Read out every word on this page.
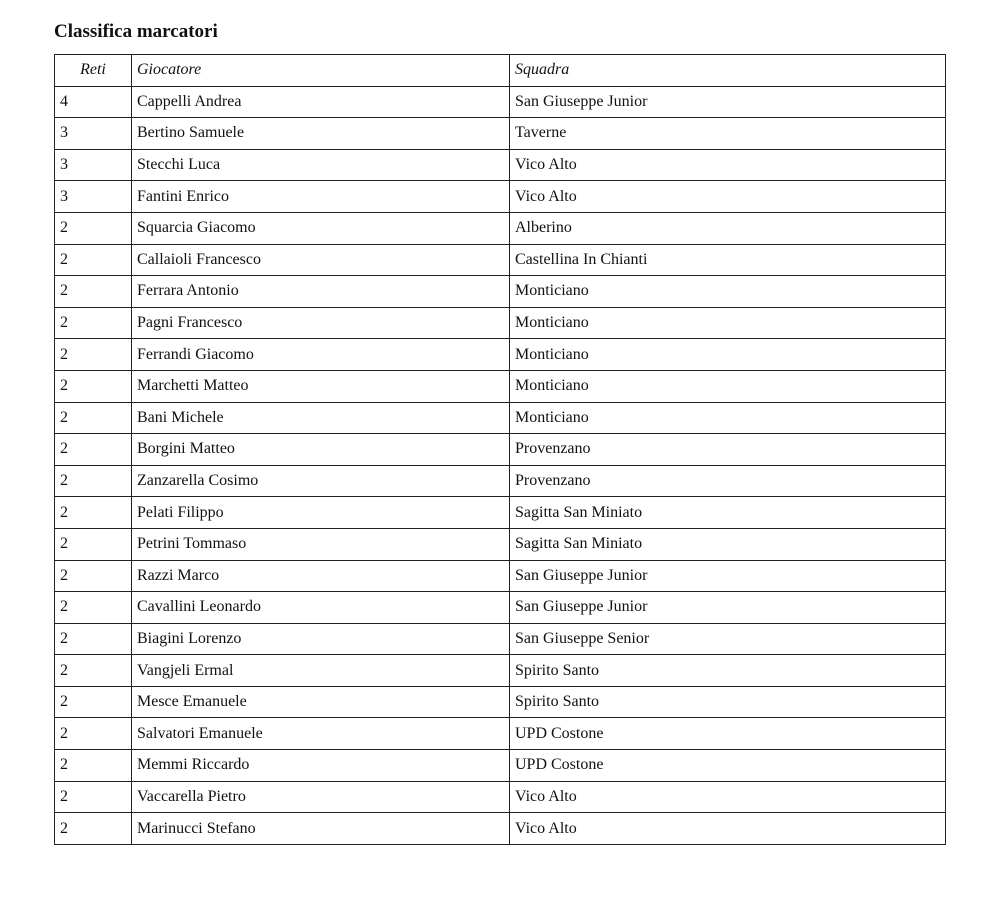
Classifica marcatori
Reti	Giocatore	Squadra
4	Cappelli Andrea	San Giuseppe Junior
3	Bertino Samuele	Taverne
3	Stecchi Luca	Vico Alto
3	Fantini Enrico	Vico Alto
2	Squarcia Giacomo	Alberino
2	Callaioli Francesco	Castellina In Chianti
2	Ferrara Antonio	Monticiano
2	Pagni Francesco	Monticiano
2	Ferrandi Giacomo	Monticiano
2	Marchetti Matteo	Monticiano
2	Bani Michele	Monticiano
2	Borgini Matteo	Provenzano
2	Zanzarella Cosimo	Provenzano
2	Pelati Filippo	Sagitta San Miniato
2	Petrini Tommaso	Sagitta San Miniato
2	Razzi Marco	San Giuseppe Junior
2	Cavallini Leonardo	San Giuseppe Junior
2	Biagini Lorenzo	San Giuseppe Senior
2	Vangjeli Ermal	Spirito Santo
2	Mesce Emanuele	Spirito Santo
2	Salvatori Emanuele	UPD Costone
2	Memmi Riccardo	UPD Costone
2	Vaccarella Pietro	Vico Alto
2	Marinucci Stefano	Vico Alto
